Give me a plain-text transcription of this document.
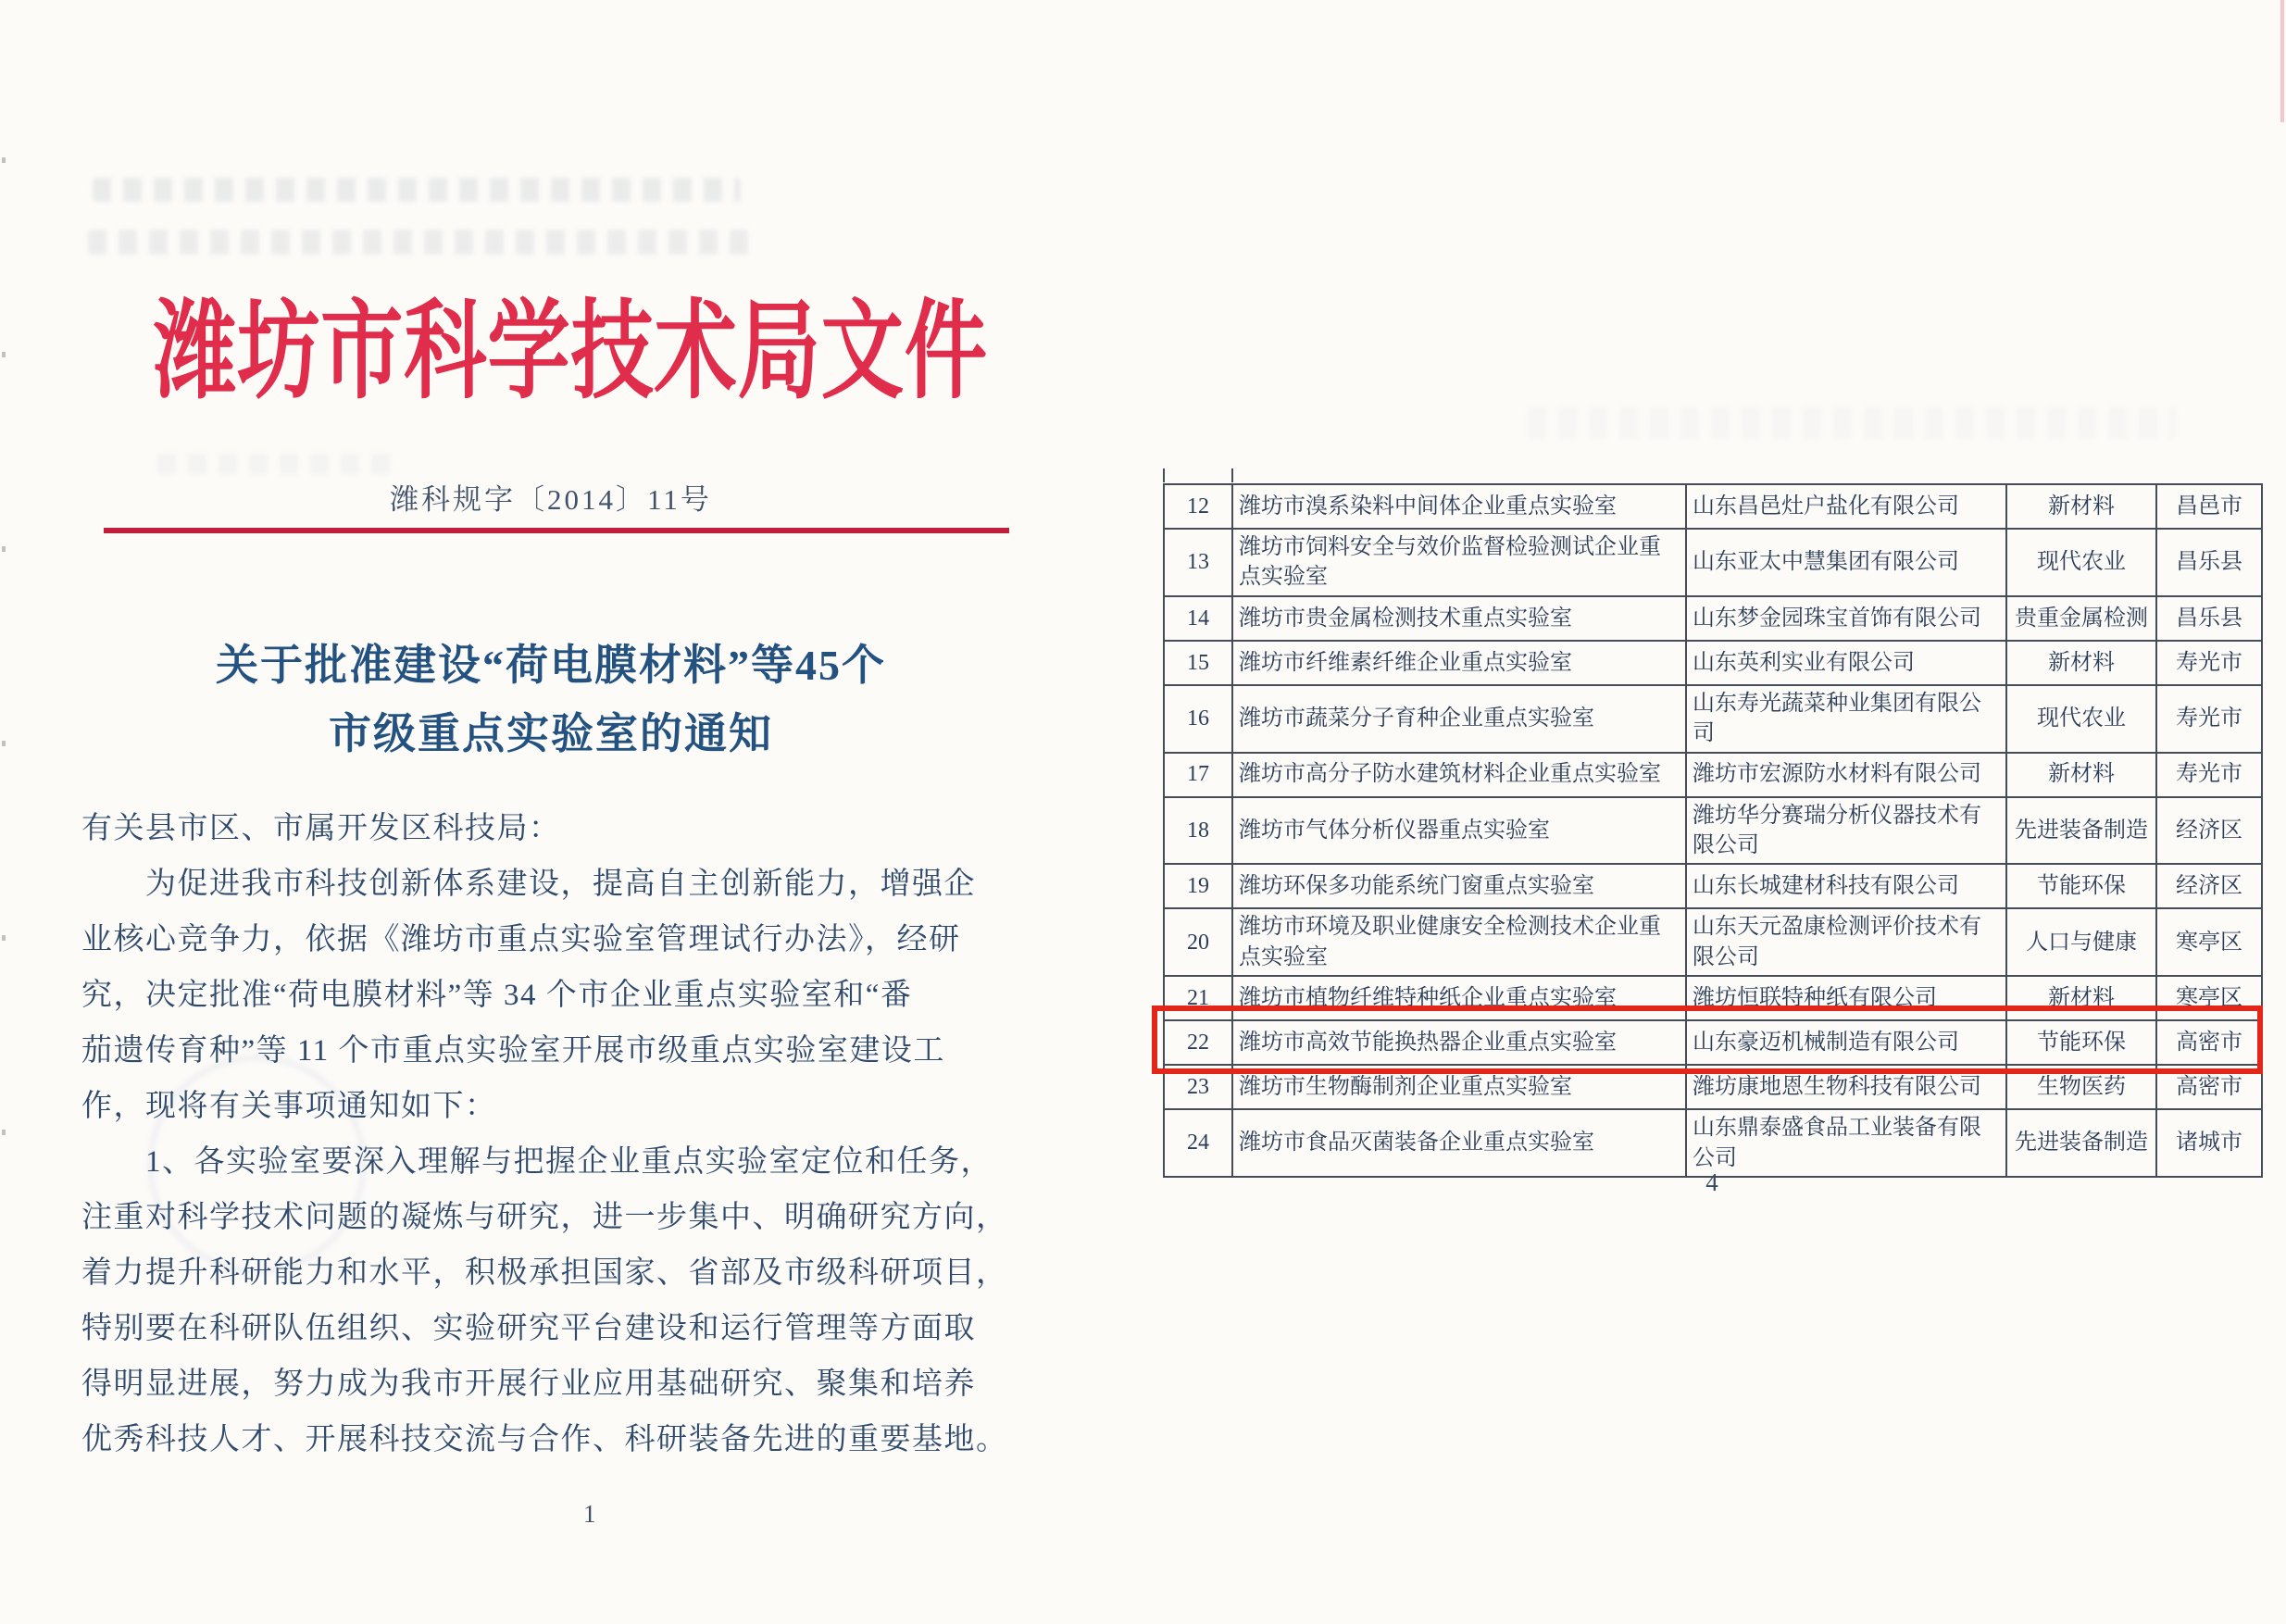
潍坊市科学技术局文件
潍科规字〔2014〕11号
关于批准建设“荷电膜材料”等45个
市级重点实验室的通知
有关县市区、市属开发区科技局：
　　为促进我市科技创新体系建设，提高自主创新能力，增强企
业核心竞争力，依据《潍坊市重点实验室管理试行办法》，经研
究，决定批准“荷电膜材料”等 34 个市企业重点实验室和“番
茄遗传育种”等 11 个市重点实验室开展市级重点实验室建设工
作，现将有关事项通知如下：
　　1、各实验室要深入理解与把握企业重点实验室定位和任务，
注重对科学技术问题的凝炼与研究，进一步集中、明确研究方向，
着力提升科研能力和水平，积极承担国家、省部及市级科研项目，
特别要在科研队伍组织、实验研究平台建设和运行管理等方面取
得明显进展，努力成为我市开展行业应用基础研究、聚集和培养
优秀科技人才、开展科技交流与合作、科研装备先进的重要基地。
1
12	潍坊市溴系染料中间体企业重点实验室	山东昌邑灶户盐化有限公司	新材料	昌邑市
13	潍坊市饲料安全与效价监督检验测试企业重点实验室	山东亚太中慧集团有限公司	现代农业	昌乐县
14	潍坊市贵金属检测技术重点实验室	山东梦金园珠宝首饰有限公司	贵重金属检测	昌乐县
15	潍坊市纤维素纤维企业重点实验室	山东英利实业有限公司	新材料	寿光市
16	潍坊市蔬菜分子育种企业重点实验室	山东寿光蔬菜种业集团有限公司	现代农业	寿光市
17	潍坊市高分子防水建筑材料企业重点实验室	潍坊市宏源防水材料有限公司	新材料	寿光市
18	潍坊市气体分析仪器重点实验室	潍坊华分赛瑞分析仪器技术有限公司	先进装备制造	经济区
19	潍坊环保多功能系统门窗重点实验室	山东长城建材科技有限公司	节能环保	经济区
20	潍坊市环境及职业健康安全检测技术企业重点实验室	山东天元盈康检测评价技术有限公司	人口与健康	寒亭区
21	潍坊市植物纤维特种纸企业重点实验室	潍坊恒联特种纸有限公司	新材料	寒亭区
22	潍坊市高效节能换热器企业重点实验室	山东豪迈机械制造有限公司	节能环保	高密市
23	潍坊市生物酶制剂企业重点实验室	潍坊康地恩生物科技有限公司	生物医药	高密市
24	潍坊市食品灭菌装备企业重点实验室	山东鼎泰盛食品工业装备有限公司	先进装备制造	诸城市
4
